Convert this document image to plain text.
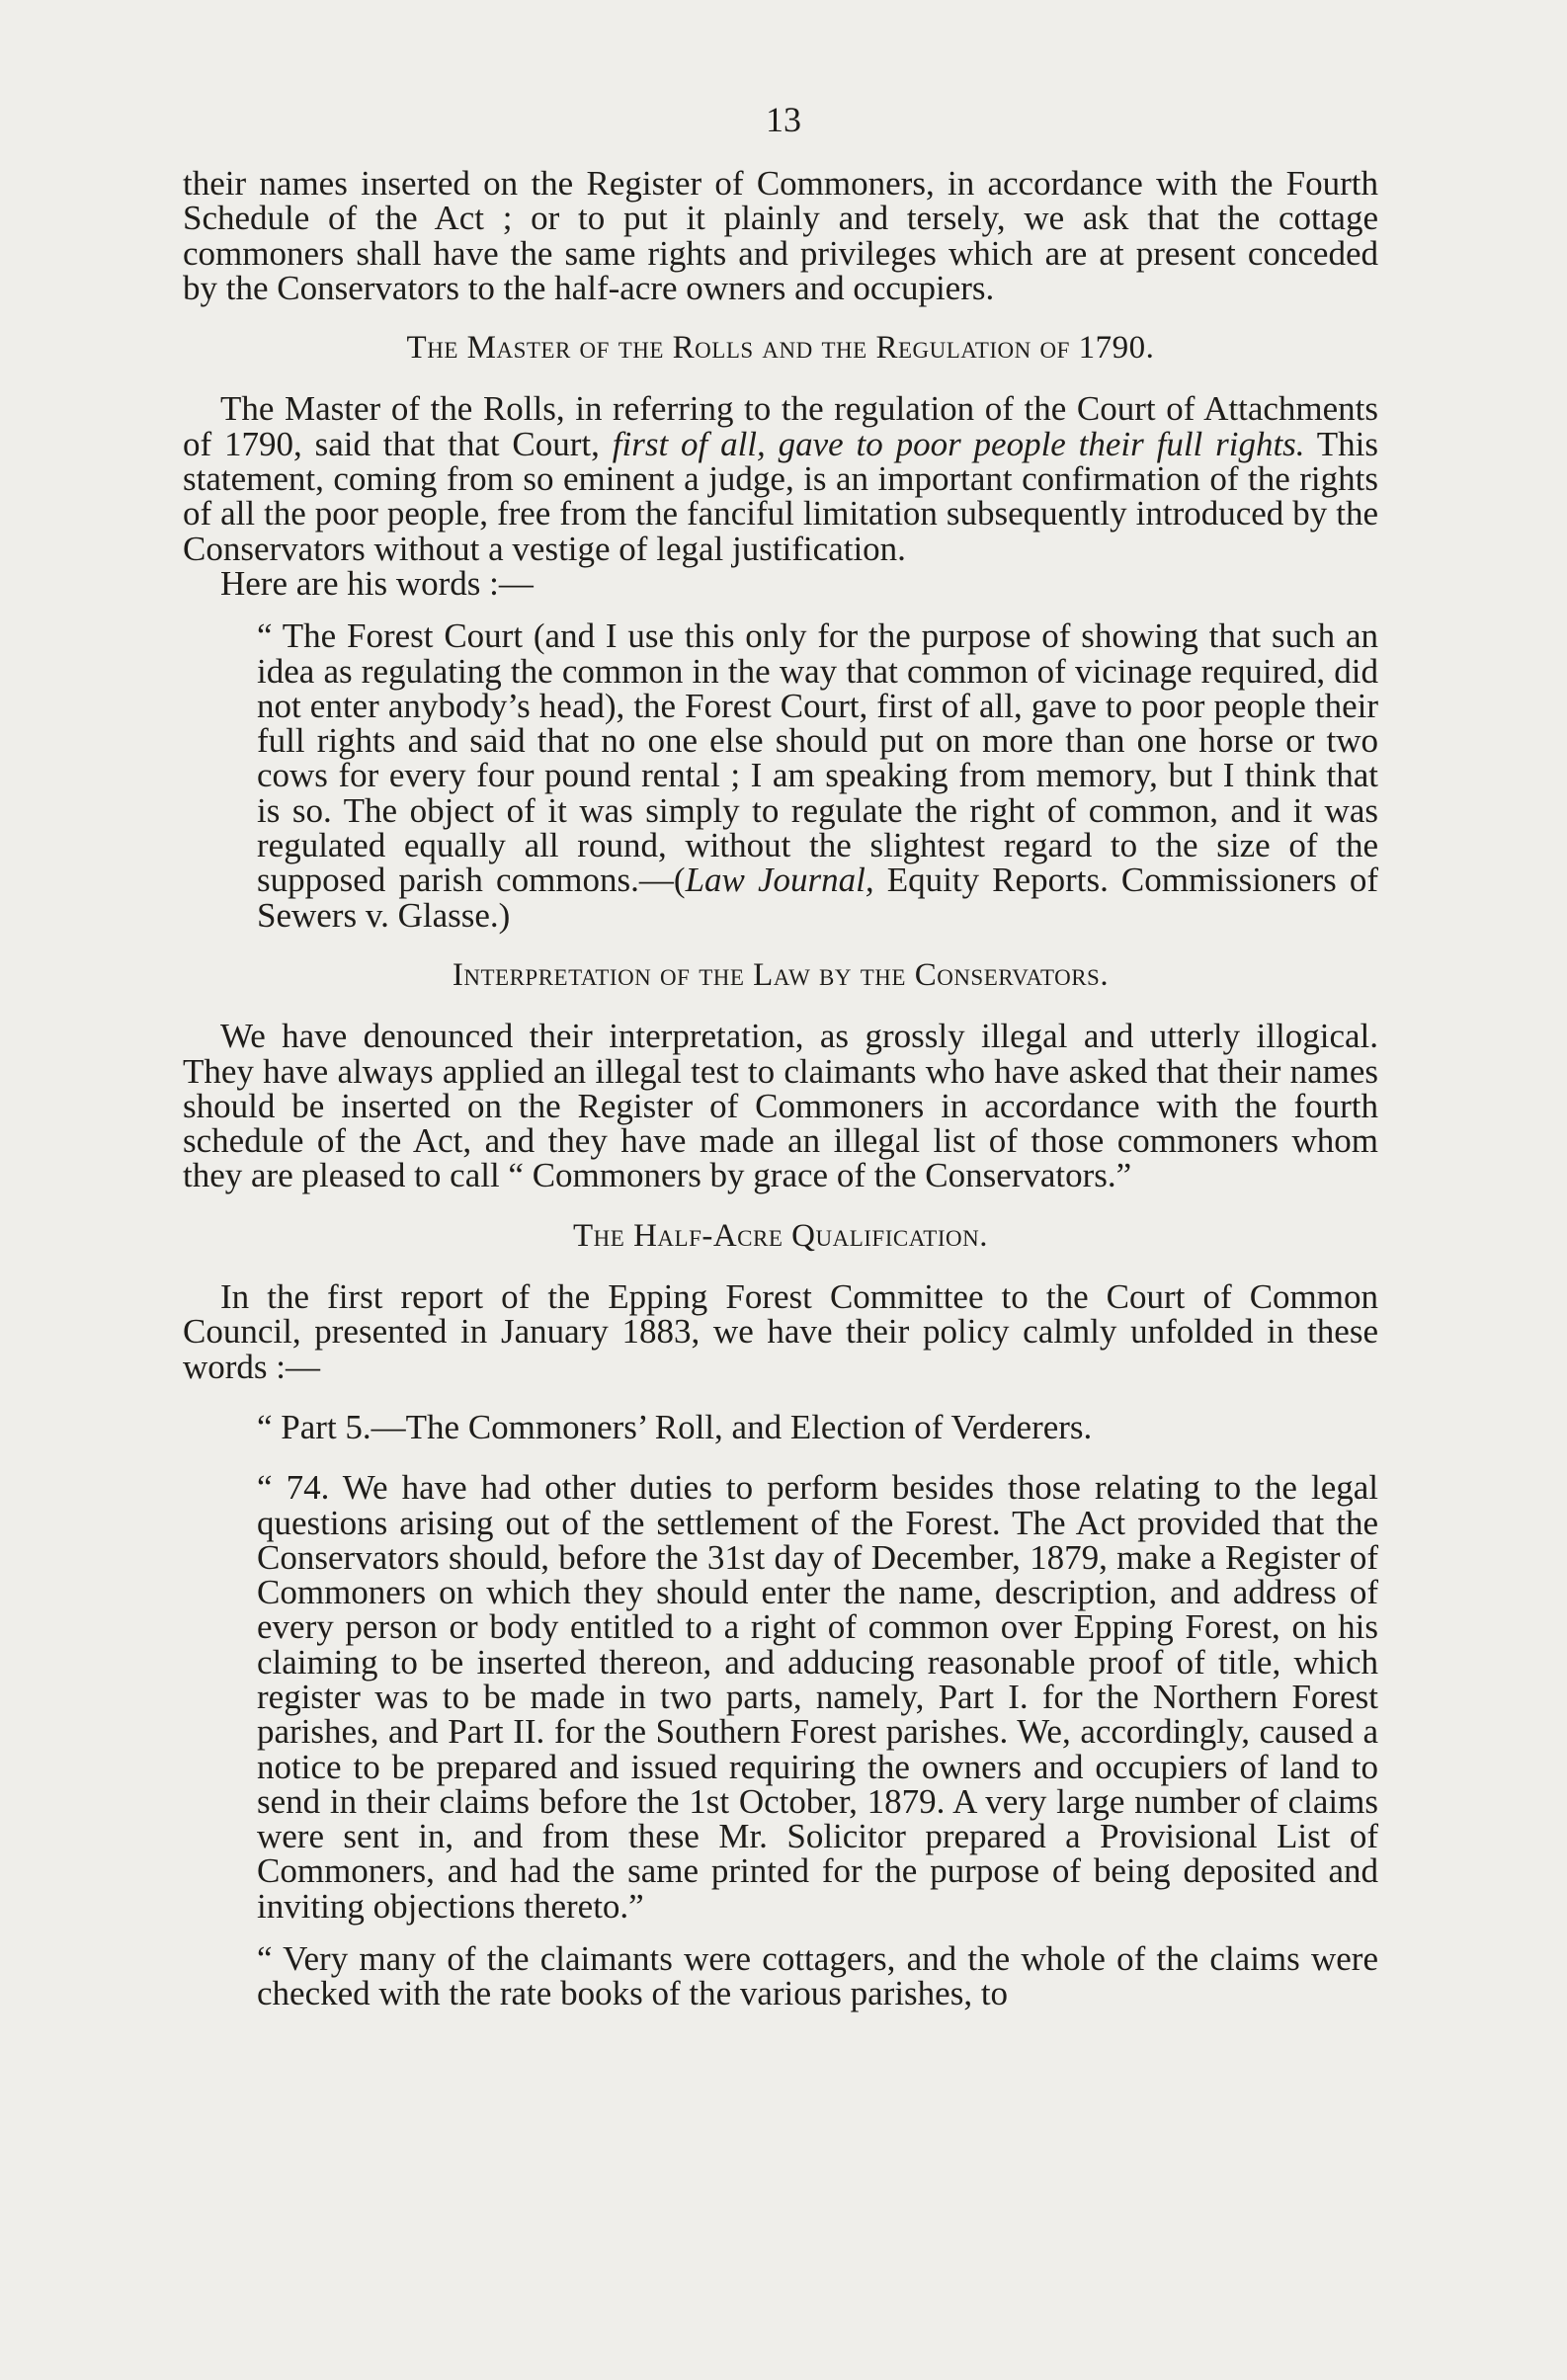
13

their names inserted on the Register of Commoners, in accordance with the Fourth Schedule of the Act ; or to put it plainly and tersely, we ask that the cottage commoners shall have the same rights and privileges which are at present conceded by the Conservators to the half-acre owners and occupiers.

The Master of the Rolls and the Regulation of 1790.

The Master of the Rolls, in referring to the regulation of the Court of Attachments of 1790, said that that Court, first of all, gave to poor people their full rights. This statement, coming from so eminent a judge, is an important confirmation of the rights of all the poor people, free from the fanciful limitation subsequently introduced by the Conservators without a vestige of legal justification.

Here are his words :—

“ The Forest Court (and I use this only for the purpose of showing that such an idea as regulating the common in the way that common of vicinage required, did not enter anybody’s head), the Forest Court, first of all, gave to poor people their full rights and said that no one else should put on more than one horse or two cows for every four pound rental ; I am speaking from memory, but I think that is so. The object of it was simply to regulate the right of common, and it was regulated equally all round, without the slightest regard to the size of the supposed parish commons.—(Law Journal, Equity Reports. Commissioners of Sewers v. Glasse.)

Interpretation of the Law by the Conservators.

We have denounced their interpretation, as grossly illegal and utterly illogical. They have always applied an illegal test to claimants who have asked that their names should be inserted on the Register of Commoners in accordance with the fourth schedule of the Act, and they have made an illegal list of those commoners whom they are pleased to call “ Commoners by grace of the Conservators.”

The Half-Acre Qualification.

In the first report of the Epping Forest Committee to the Court of Common Council, presented in January 1883, we have their policy calmly unfolded in these words :—

“ Part 5.—The Commoners’ Roll, and Election of Verderers.

“ 74. We have had other duties to perform besides those relating to the legal questions arising out of the settlement of the Forest. The Act provided that the Conservators should, before the 31st day of December, 1879, make a Register of Commoners on which they should enter the name, description, and address of every person or body entitled to a right of common over Epping Forest, on his claiming to be inserted thereon, and adducing reasonable proof of title, which register was to be made in two parts, namely, Part I. for the Northern Forest parishes, and Part II. for the Southern Forest parishes. We, accordingly, caused a notice to be prepared and issued requiring the owners and occupiers of land to send in their claims before the 1st October, 1879. A very large number of claims were sent in, and from these Mr. Solicitor prepared a Provisional List of Commoners, and had the same printed for the purpose of being deposited and inviting objections thereto.”

“ Very many of the claimants were cottagers, and the whole of the claims were checked with the rate books of the various parishes, to
